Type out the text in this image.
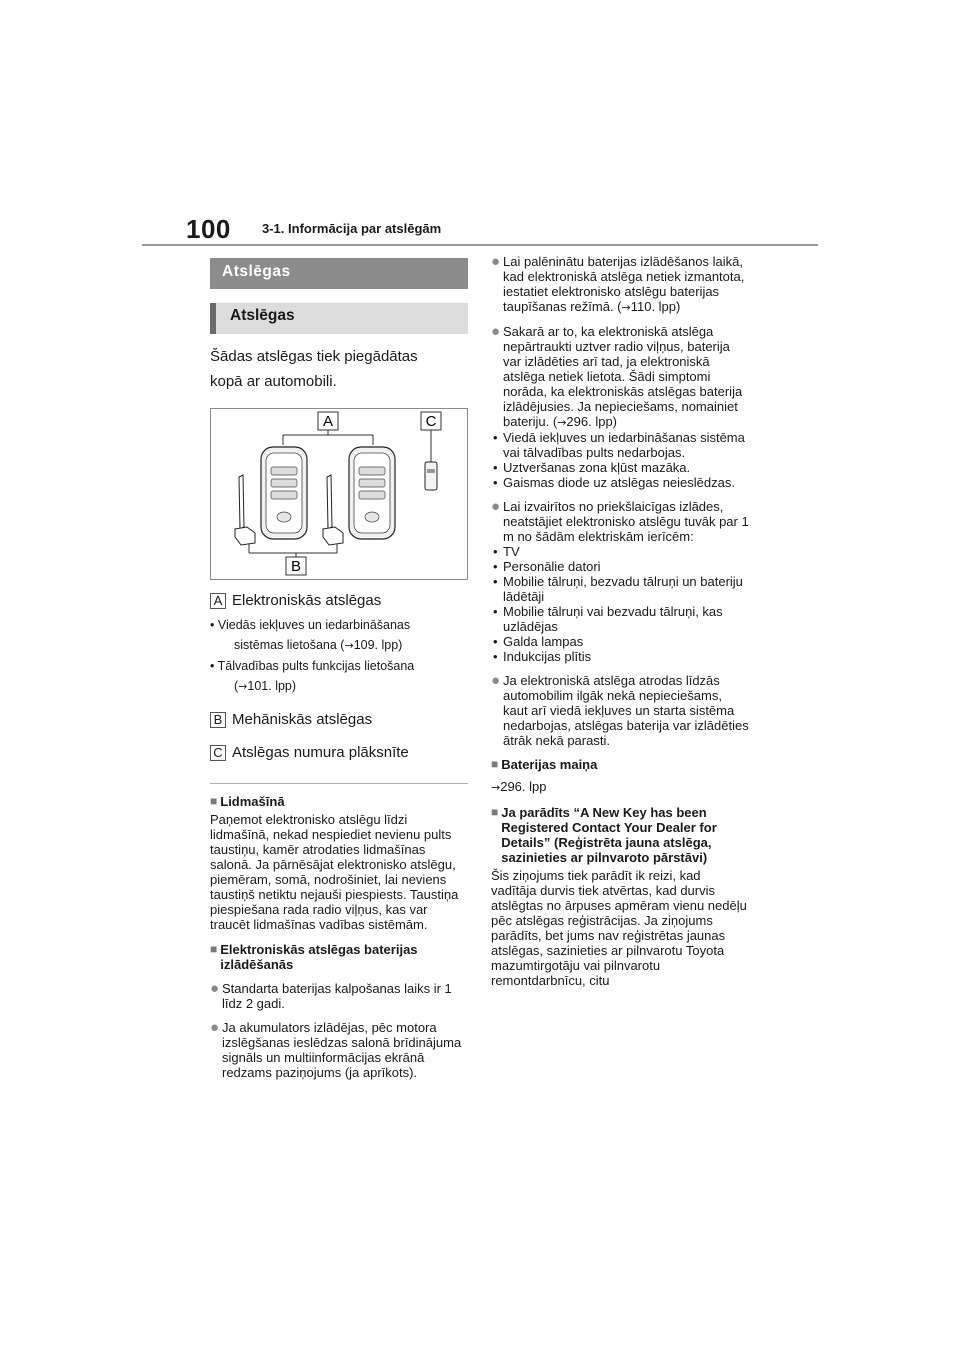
100 3-1. Informācija par atslēgām
Atslēgas
Atslēgas
Šādas atslēgas tiek piegādātas
kopā ar automobili.
A	C
B
A Elektroniskās atslēgas
• Viedās iekļuves un iedarbināšanas
sistēmas lietošana (→109. lpp)
• Tālvadības pults funkcijas lietošana
(→101. lpp)
B Mehāniskās atslēgas
C Atslēgas numura plāksnīte
■ Lidmašīnā
Paņemot elektronisko atslēgu līdzi lidmašīnā, nekad nespiediet nevienu pults taustiņu, kamēr atrodaties lidmašīnas salonā. Ja pārnēsājat elektronisko atslēgu, piemēram, somā, nodrošiniet, lai neviens taustiņš netiktu nejauši piespiests. Taustiņa piespiešana rada radio viļņus, kas var traucēt lidmašīnas vadības sistēmām.
■ Elektroniskās atslēgas baterijas izlādēšanās
● Standarta baterijas kalpošanas laiks ir 1 līdz 2 gadi.
● Ja akumulators izlādējas, pēc motora izslēgšanas ieslēdzas salonā brīdinājuma signāls un multiinformācijas ekrānā redzams paziņojums (ja aprīkots).
● Lai palēninātu baterijas izlādēšanos laikā, kad elektroniskā atslēga netiek izmantota, iestatiet elektronisko atslēgu baterijas taupīšanas režīmā. (→110. lpp)
● Sakarā ar to, ka elektroniskā atslēga nepārtraukti uztver radio viļņus, baterija var izlādēties arī tad, ja elektroniskā atslēga netiek lietota. Šādi simptomi norāda, ka elektroniskās atslēgas baterija izlādējusies. Ja nepieciešams, nomainiet bateriju. (→296. lpp)
• Viedā iekļuves un iedarbināšanas sistēma vai tālvadības pults nedarbojas.
• Uztveršanas zona kļūst mazāka.
• Gaismas diode uz atslēgas neieslēdzas.
● Lai izvairītos no priekšlaicīgas izlādes, neatstājiet elektronisko atslēgu tuvāk par 1 m no šādām elektriskām ierīcēm:
• TV
• Personālie datori
• Mobilie tālruņi, bezvadu tālruņi un bateriju lādētāji
• Mobilie tālruņi vai bezvadu tālruņi, kas uzlādējas
• Galda lampas
• Indukcijas plītis
● Ja elektroniskā atslēga atrodas līdzās automobilim ilgāk nekā nepieciešams, kaut arī viedā iekļuves un starta sistēma nedarbojas, atslēgas baterija var izlādēties ātrāk nekā parasti.
■ Baterijas maiņa
→296. lpp
■ Ja parādīts “A New Key has been Registered Contact Your Dealer for Details” (Reģistrēta jauna atslēga, sazinieties ar pilnvaroto pārstāvi)
Šis ziņojums tiek parādīt ik reizi, kad vadītāja durvis tiek atvērtas, kad durvis atslēgtas no ārpuses apmēram vienu nedēļu pēc atslēgas reģistrācijas. Ja ziņojums parādīts, bet jums nav reģistrētas jaunas atslēgas, sazinieties ar pilnvarotu Toyota mazumtirgotāju vai pilnvarotu remontdarbnīcu, citu
